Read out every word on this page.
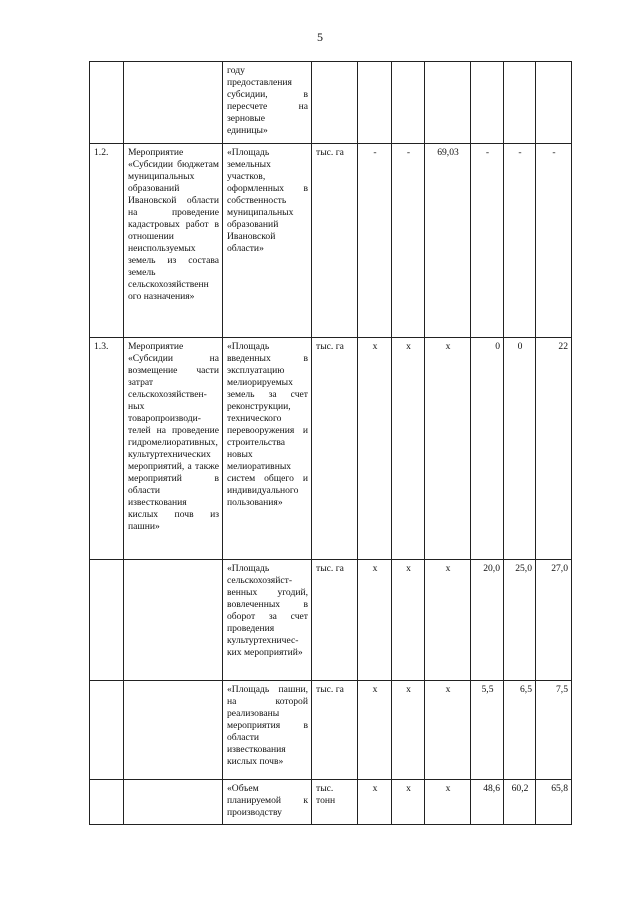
5
		году предоставления субсидии, в пересчете на зерновые единицы»							
1.2.	Мероприятие «Субсидии бюджетам муниципальных образований Ивановской области на проведение кадастровых работ в отношении неиспользуемых земель из состава земель сельскохозяйственн ого назначения»	«Площадь земельных участков, оформленных в собственность муниципальных образований Ивановской области»	тыс. га	-	-	69,03	-	-	-
1.3.	Мероприятие «Субсидии на возмещение части затрат сельскохозяйственных товаропроизводителей на проведение гидромелиоративных, культуртехнических мероприятий, а также мероприятий в области известкования кислых почв из пашни»	«Площадь введенных в эксплуатацию мелиорируемых земель за счет реконструкции, технического перевооружения и строительства новых мелиоративных систем общего и индивидуального пользования»	тыс. га	х	х	х	0	0	22
		«Площадь сельскохозяйственных угодий, вовлеченных в оборот за счет проведения культуртехнических мероприятий»	тыс. га	х	х	х	20,0	25,0	27,0
		«Площадь пашни, на которой реализованы мероприятия в области известкования кислых почв»	тыс. га	х	х	х	5,5	6,5	7,5
		«Объем планируемой к производству	тыс. тонн	х	х	х	48,6	60,2	65,8
